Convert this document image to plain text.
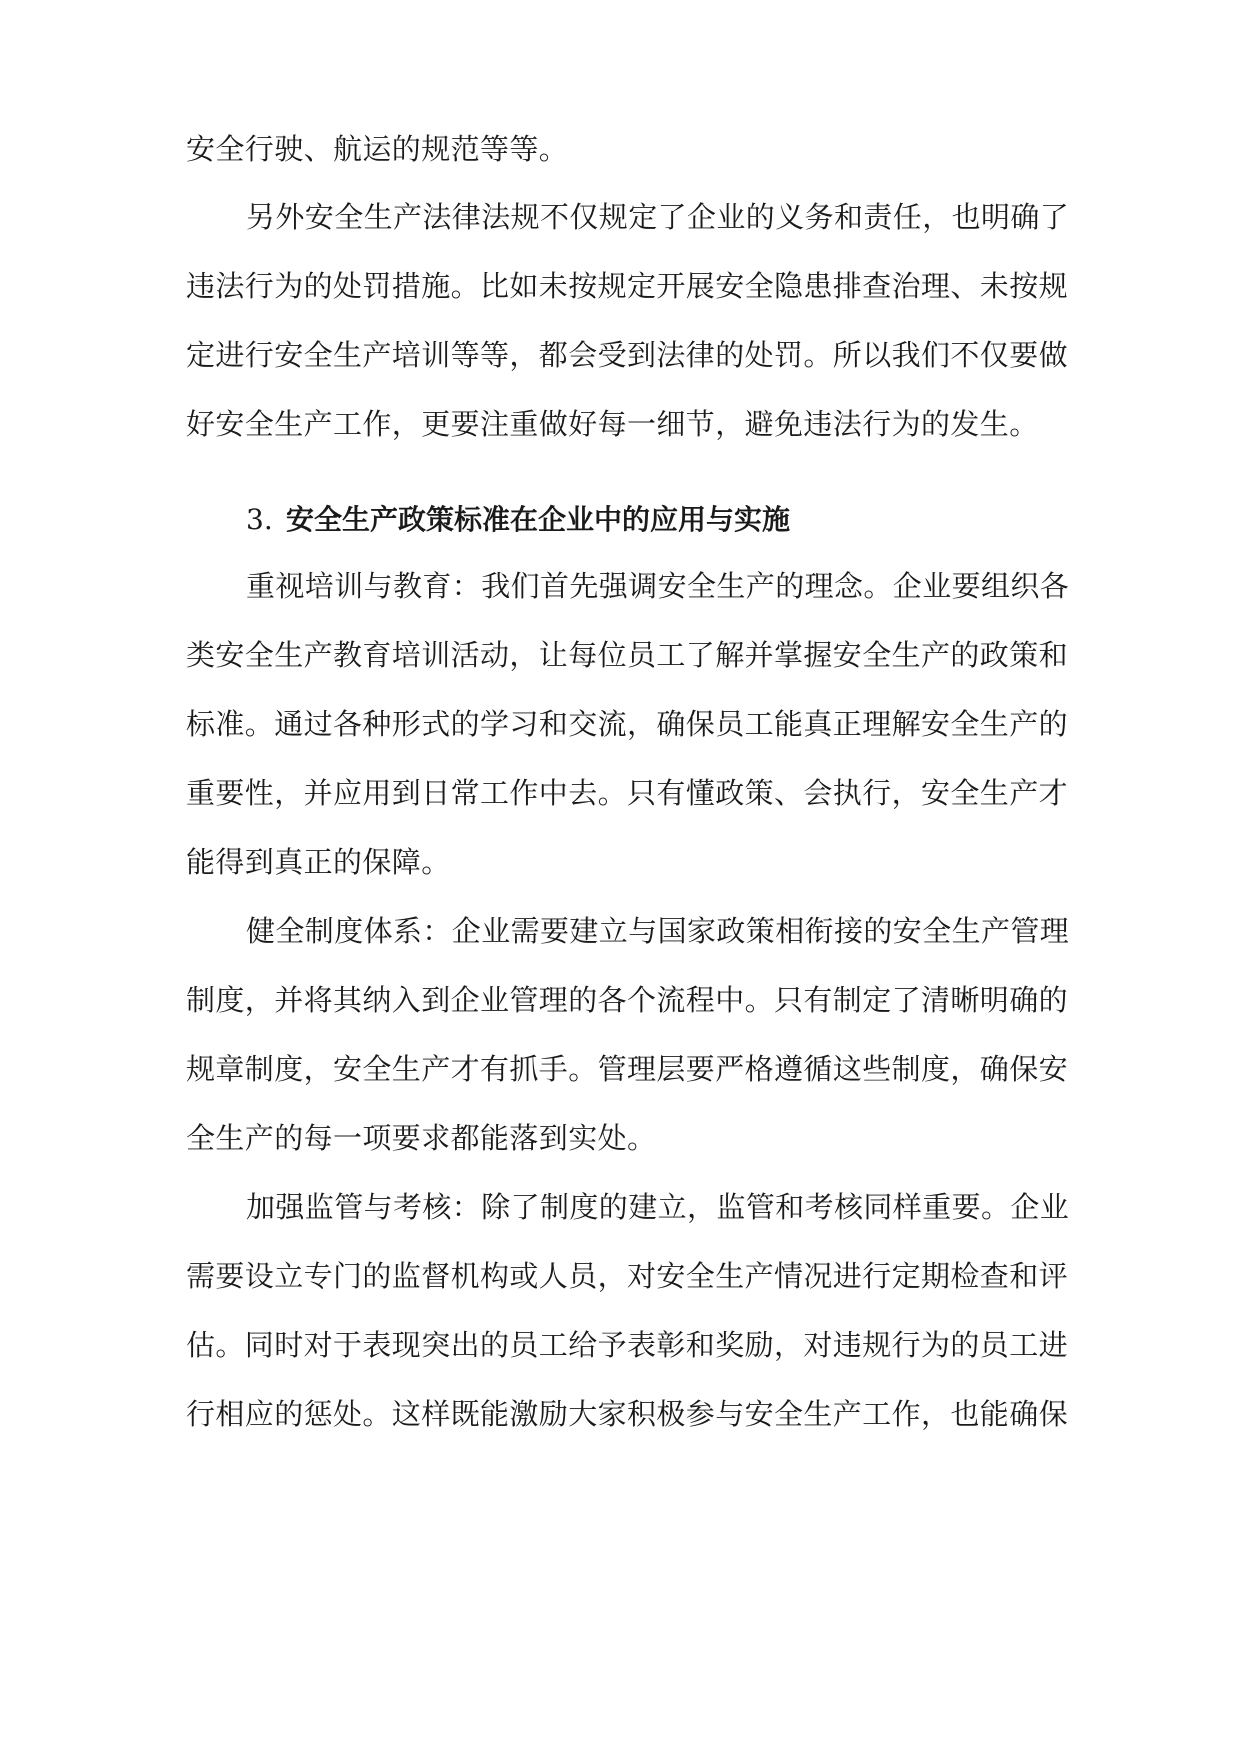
安全行驶、航运的规范等等。
另外安全生产法律法规不仅规定了企业的义务和责任，也明确了
违法行为的处罚措施。比如未按规定开展安全隐患排查治理、未按规
定进行安全生产培训等等，都会受到法律的处罚。所以我们不仅要做
好安全生产工作，更要注重做好每一细节，避免违法行为的发生。
3. 安全生产政策标准在企业中的应用与实施
重视培训与教育：我们首先强调安全生产的理念。企业要组织各
类安全生产教育培训活动，让每位员工了解并掌握安全生产的政策和
标准。通过各种形式的学习和交流，确保员工能真正理解安全生产的
重要性，并应用到日常工作中去。只有懂政策、会执行，安全生产才
能得到真正的保障。
健全制度体系：企业需要建立与国家政策相衔接的安全生产管理
制度，并将其纳入到企业管理的各个流程中。只有制定了清晰明确的
规章制度，安全生产才有抓手。管理层要严格遵循这些制度，确保安
全生产的每一项要求都能落到实处。
加强监管与考核：除了制度的建立，监管和考核同样重要。企业
需要设立专门的监督机构或人员，对安全生产情况进行定期检查和评
估。同时对于表现突出的员工给予表彰和奖励，对违规行为的员工进
行相应的惩处。这样既能激励大家积极参与安全生产工作，也能确保
